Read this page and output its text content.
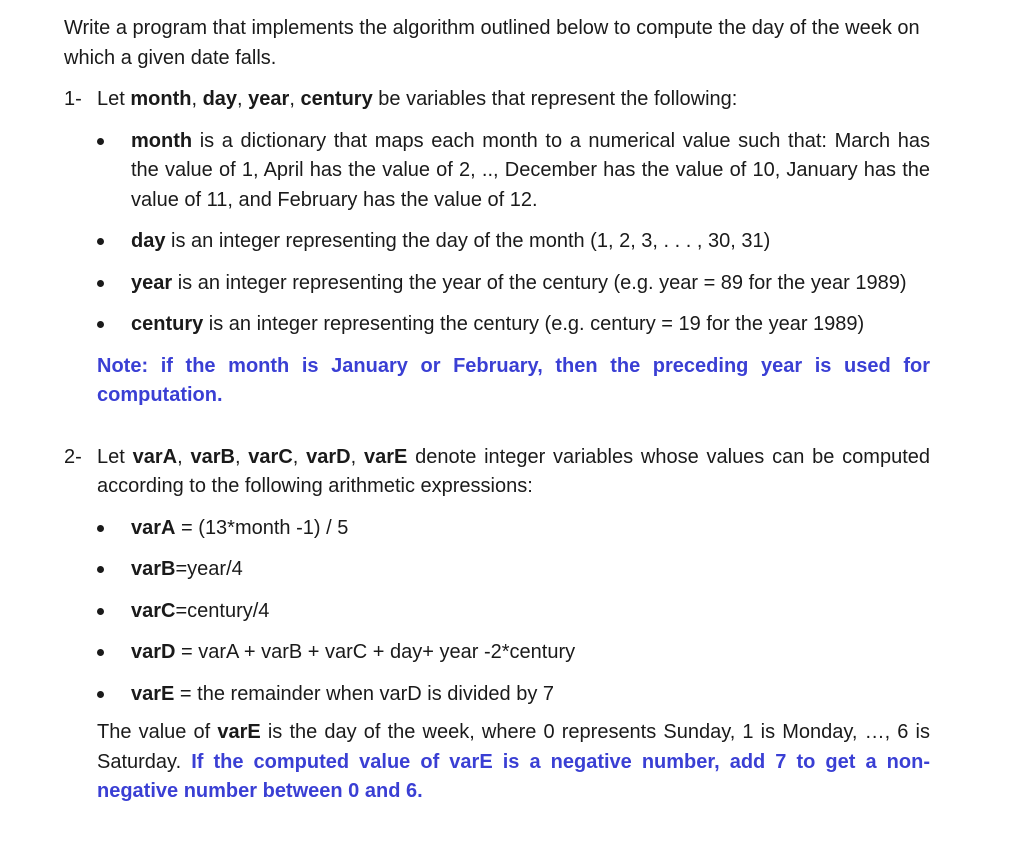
Write a program that implements the algorithm outlined below to compute the day of the week on which a given date falls.

1- Let month, day, year, century be variables that represent the following:

month is a dictionary that maps each month to a numerical value such that: March has the value of 1, April has the value of 2, .., December has the value of 10, January has the value of 11, and February has the value of 12.
day is an integer representing the day of the month (1, 2, 3, . . . , 30, 31)
year is an integer representing the year of the century (e.g. year = 89 for the year 1989)
century is an integer representing the century (e.g. century = 19 for the year 1989)

Note: if the month is January or February, then the preceding year is used for computation.

2- Let varA, varB, varC, varD, varE denote integer variables whose values can be computed according to the following arithmetic expressions:

varA = (13*month -1) / 5
varB=year/4
varC=century/4
varD = varA + varB + varC + day+ year -2*century
varE = the remainder when varD is divided by 7

The value of varE is the day of the week, where 0 represents Sunday, 1 is Monday, …, 6 is Saturday. If the computed value of varE is a negative number, add 7 to get a non-negative number between 0 and 6.
